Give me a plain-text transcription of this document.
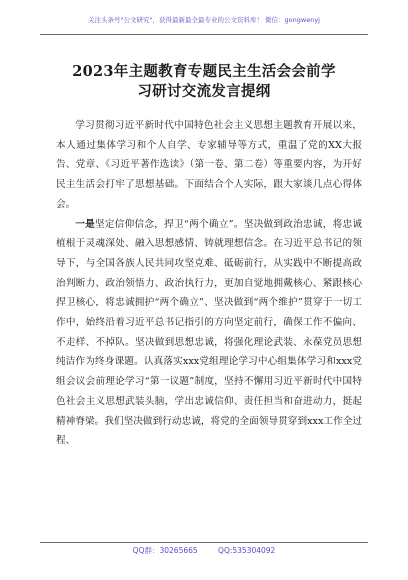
关注头条号"公文研究"，获得最新最全最专业的公文资料库！ 微信：gongwenyj
2023年主题教育专题民主生活会会前学
习研讨交流发言提纲

学习贯彻习近平新时代中国特色社会主义思想主题教育开展以来，本人通过集体学习和个人自学、专家辅导等方式，重温了党的XX大报告、党章、《习近平著作选读》（第一卷、第二卷）等重要内容，为开好民主生活会打牢了思想基础。下面结合个人实际，跟大家谈几点心得体会。

一是坚定信仰信念，捍卫“两个确立”。坚决做到政治忠诚，将忠诚植根于灵魂深处、融入思想感情、铸就理想信念。在习近平总书记的领导下，与全国各族人民共同攻坚克难、砥砺前行，从实践中不断提高政治判断力、政治领悟力、政治执行力，更加自觉地拥戴核心、紧跟核心捍卫核心，将忠诚拥护“两个确立”、坚决做到“两个维护”贯穿于一切工作中，始终沿着习近平总书记指引的方向坚定前行，确保工作不偏向、不走样、不掉队。坚决做到思想忠诚，将强化理论武装、永葆党员思想纯洁作为终身课题。认真落实xxx党组理论学习中心组集体学习和xxx党组会议会前理论学习“第一议题”制度，坚持不懈用习近平新时代中国特色社会主义思想武装头脑，学出忠诚信仰、责任担当和奋进动力，挺起精神脊梁。我们坚决做到行动忠诚，将党的全面领导贯穿到xxx工作全过程、

QQ群：30265665	QQ:535304092
